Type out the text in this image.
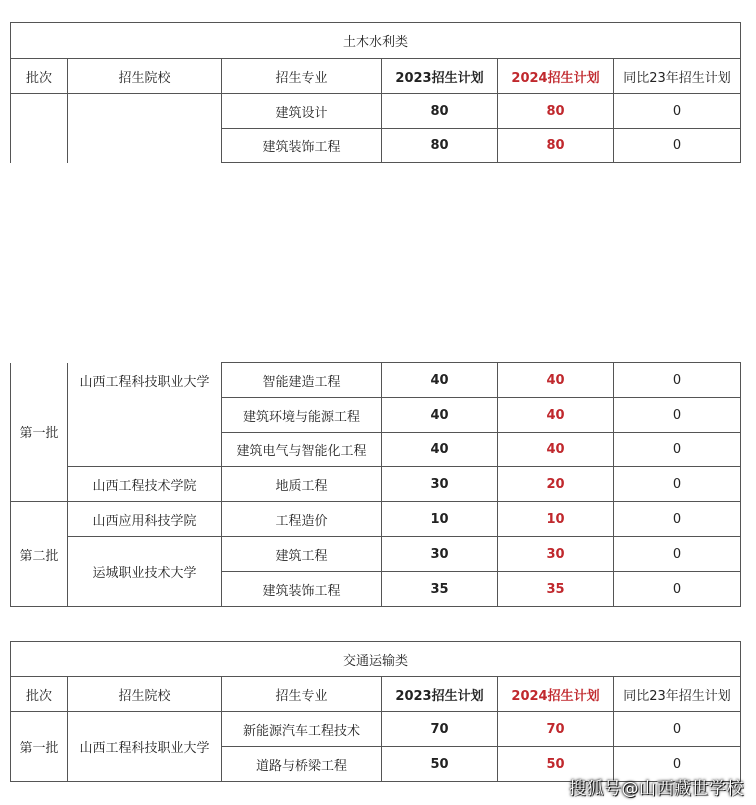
土木水利类					
批次	招生院校	招生专业	2023招生计划	2024招生计划	同比23年招生计划
		建筑设计	80	80	0
		建筑装饰工程	80	80	0
第一批	山西工程科技职业大学	智能建造工程	40	40	0
		建筑环境与能源工程	40	40	0
		建筑电气与智能化工程	40	40	0
	山西工程技术学院	地质工程	30	20	0
第二批	山西应用科技学院	工程造价	10	10	0
	运城职业技术大学	建筑工程	30	30	0
		建筑装饰工程	35	35	0
交通运输类					
批次	招生院校	招生专业	2023招生计划	2024招生计划	同比23年招生计划
第一批	山西工程科技职业大学	新能源汽车工程技术	70	70	0
		道路与桥梁工程	50	50	0
搜狐号@山西藏世学校
